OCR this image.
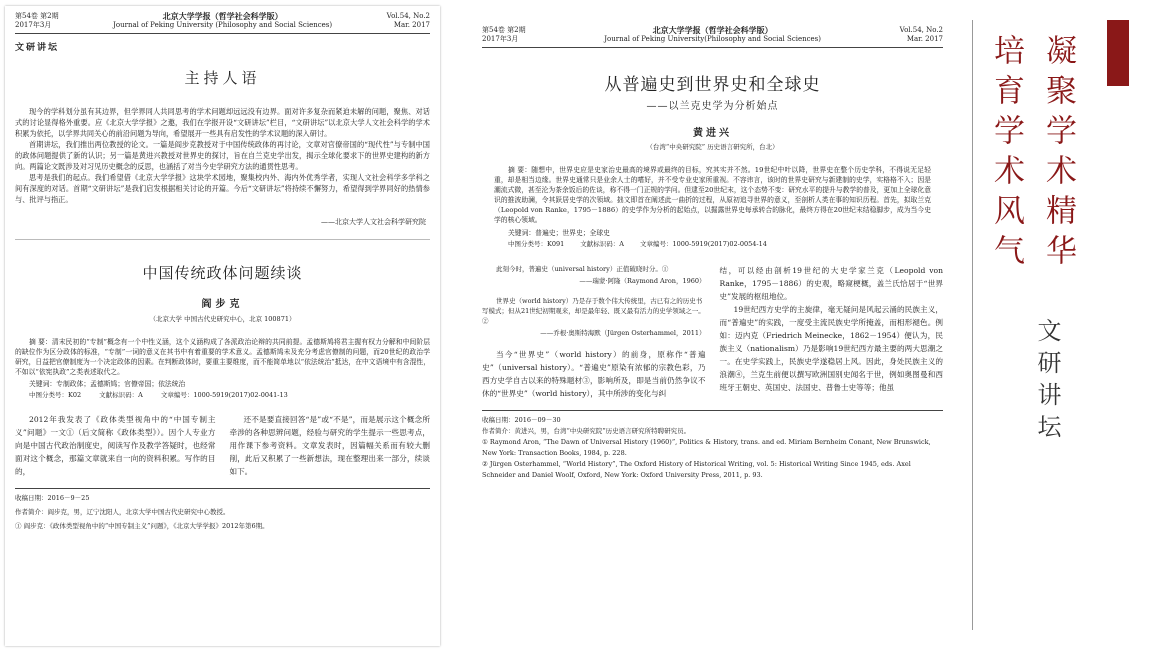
第54卷 第2期
2017年3月
北京大学学报（哲学社会科学版）
Journal of Peking University (Philosophy and Social Sciences)
Vol.54, No.2
Mar. 2017
文研讲坛
主持人语

现今的学科划分虽有其边界，但学界同人共同思考的学术问题却远远没有边界。面对许多复杂而紧迫未解的问题，聚焦、对话式的讨论显得格外重要。应《北京大学学报》之邀，我们在学报开设“文研讲坛”栏目，“文研讲坛”以北京大学人文社会科学的学术积累为依托，以学界共同关心的前沿问题为导向，希望展开一些具有启发性的学术议题的深入研讨。

首期讲坛，我们推出两位教授的论文。一篇是阎步克教授对于中国传统政体的再讨论，文章对官僚帝国的“现代性”与专制中国的政体问题提供了新的认识；另一篇是黄进兴教授对世界史的探讨，旨在自兰克史学出发，揭示全球化要求下的世界史建构的新方向。两篇论文既涉及对习见历史概念的反思，也涵括了对当今史学研究方法的通贯性思考。

思考是我们的起点。我们希望借《北京大学学报》这块学术园地，聚集校内外、海内外优秀学者，实现人文社会科学多学科之间有深度的对话。首期“文研讲坛”是我们启发根据相关讨论的开篇。今后“文研讲坛”将持续不懈努力，希望得到学界同好的热情参与、批评与指正。

——北京大学人文社会科学研究院
中国传统政体问题续谈
阎步克
（北京大学 中国古代史研究中心，北京 100871）

摘 要：清末民初的“专制”概念有一个中性义涵，这个义涵构成了各派政治论辩的共同前提。孟德斯鸠将君主握有权力分解和中间阶层的缺位作为区分政体的标准，“专制”一词的意义在其书中有着重要的学术意义。孟德斯鸠未及充分考虑官僚制的问题，而20世纪的政治学研究，日益把官僚制度为一个决定政体的因素。在判断政体时，要重主要维度，而不能简单地以“依法统治”抵达，在中文语境中有含混性，不如以“依宪执政”之类表述取代之。

关键词：专制政体；孟德斯鸠；官僚帝国；依法统治
中图分类号：K02	文献标识码：A	文章编号：1000-5919(2017)02-0041-13
2012年我发表了《政体类型视角中的“中国专制主义”问题》一文①（后文简称《政体类型》）。因个人专业方向是中国古代政治制度史，阅读写作及教学答疑时，也经常面对这个概念，那篇文章就来自一向的资料积累。写作的目的，
还不是要直接回答“是”或“不是”，而是展示这个概念所牵涉的各种思辨问题，经验与研究的学生提示一些思考点，用作课下参考资料。文章发表时，因篇幅关系而有较大删削，此后又积累了一些新想法，现在整理出来一部分，续谈如下。
收稿日期：2016－9－25
作者简介：阎步克，男，辽宁沈阳人，北京大学中国古代史研究中心教授。
① 阎步克：《政体类型视角中的“中国专制主义”问题》，《北京大学学报》2012年第6期。
第54卷 第2期
2017年3月
北京大学学报（哲学社会科学版）
Journal of Peking University(Philosophy and Social Sciences)
Vol.54, No.2
Mar. 2017
从普遍史到世界史和全球史
——以兰克史学为分析始点
黄进兴
（台湾“中央研究院” 历史语言研究所，台北）

摘 要：随想中，世界史应是史家治史最高的境界或最终的目标，究其实并不然。19世纪中叶以降，世界史在整个历史学科，不得说无足轻重，却是相当边缘。世界史通常只是业余人士的嗜好，并不受专业史家所重视。不容讳言，该时的世界史研究与新建制的史学，实格格不入；因是潮流式微，甚至沦为茶余饭后的佐谈，称不得一门正规的学问。但逮至20世纪末，这个态势不变：研究水平的提升与教学的普及，更加上全球化意识的推波助澜，令其跃居史学的次领域。拙文即首在阐述此一曲折的过程，从原初追寻世界的意义，至剖析人类在事的知识历程。首先，拟取兰克（Leopold von Ranke，1795－1886）的史学作为分析的起始点，以掘露世界史每承转合的脉化，最终方得在20世纪末结稳脚步，成为当今史学的核心领域。

关键词：普遍史；世界史；全球史
中图分类号：K091 文献标识码：A 文章编号：1000-5919(2017)02-0054-14

此刻今时，普遍史（universal history）正值破晓时分。①

——瑞蒙·阿隆（Raymond Aron，1960）

世界史（world history）乃是存于数个伟大传统里，古已有之的历史书写模式；但从21世纪初期观来，却是最年轻、既又最有活力的史学领域之一。②

——乔根·奥斯特海默（Jürgen Osterhammel，2011）

当今“世界史”（world history）的前身，原称作“普遍史”（universal history）。“普遍史”原染有浓郁的宗教色彩，乃西方史学自古以来的特殊题材③，影响所及，即是当前仍然争议不休的“世界史”（world history），其中所涉的变化与纠

结，可以经由剖析19世纪的大史学家兰克（Leopold von Ranke，1795－1886）的史观，略窥梗概，盖兰氏恰居于“世界史”发展的枢纽地位。

19世纪西方史学的主旋律，毫无疑问是风起云涌的民族主义，而“普遍史”的实践，一度受主流民族史学所掩盖，而相形褪色。例如：迈内克（Friedrich Meinecke，1862－1954）便认为，民族主义（nationalism）乃是影响19世纪西方最主要的两大思潮之一。在史学实践上，民族史学遂稳居上风。因此，身处民族主义的浪潮④，兰克生前便以撰写欧洲国别史闻名于世，例如奥图曼和西班牙王朝史、英国史、法国史、普鲁士史等等；他虽

收稿日期：2016－09－30
作者简介：黄进兴，男，台湾“中央研究院”历史语言研究所特聘研究员。
① Raymond Aron, “The Dawn of Universal History (1960)”, Politics & History, trans. and ed. Miriam Bernheim Conant, New Brunswick, New York: Transaction Books, 1984, p. 228.
② Jürgen Osterhammel, “World History”, The Oxford History of Historical Writing, vol. 5: Historical Writing Since 1945, eds. Axel Schneider and Daniel Woolf, Oxford, New York: Oxford University Press, 2011, p. 93.
凝聚学术精华
培育学术风气
文研讲坛
